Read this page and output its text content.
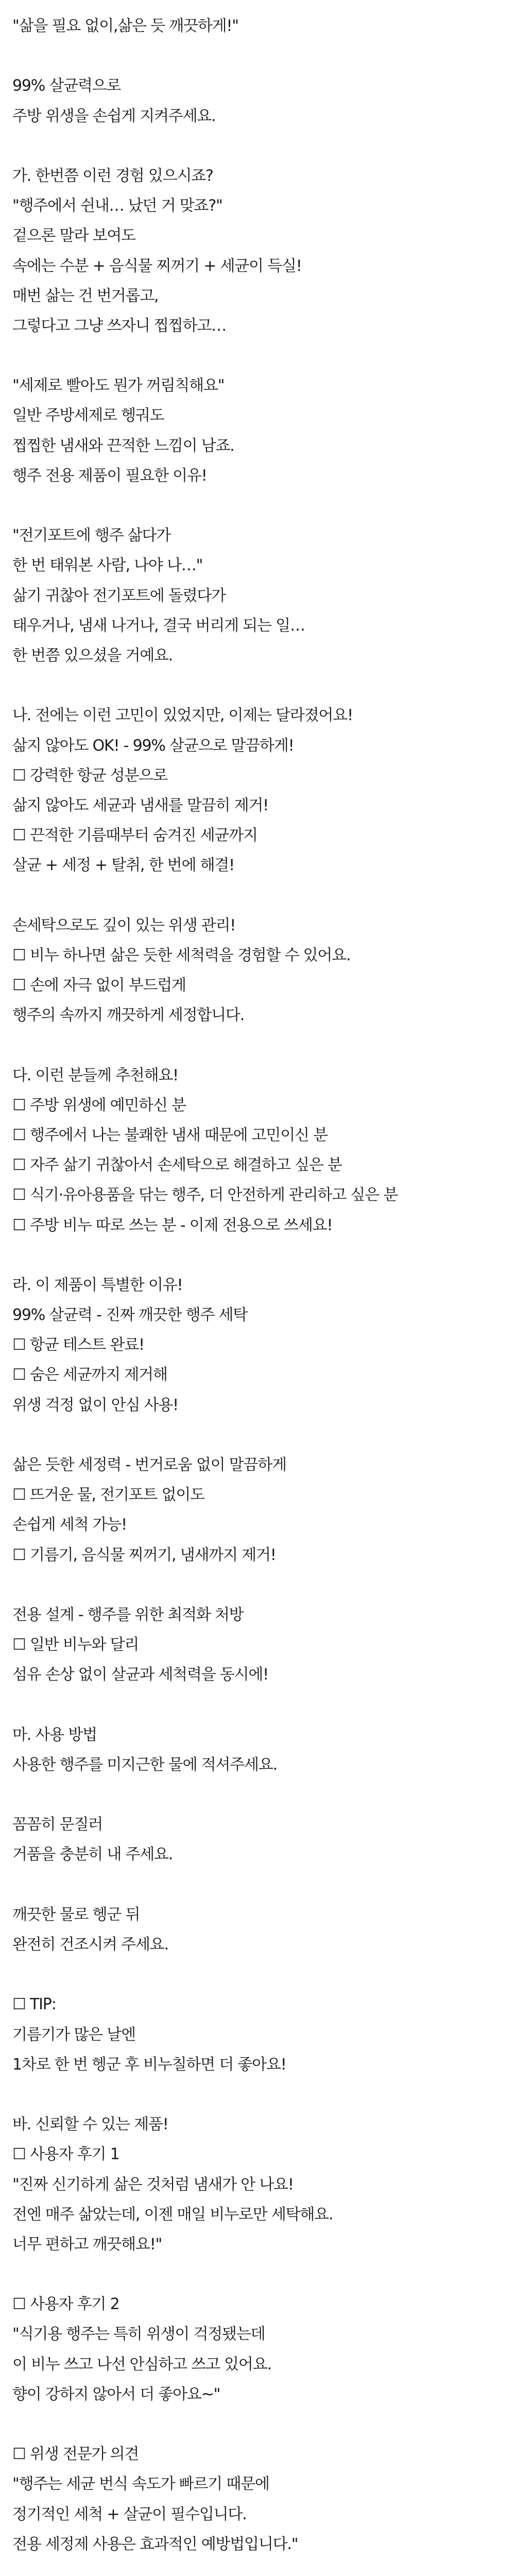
"삶을 필요 없이,삶은 듯 깨끗하게!"
99% 살균력으로
주방 위생을 손쉽게 지켜주세요.
가. 한번쯤 이런 경험 있으시죠?
"행주에서 쉰내… 났던 거 맞죠?"
겉으론 말라 보여도
속에는 수분 + 음식물 찌꺼기 + 세균이 득실!
매번 삶는 건 번거롭고,
그렇다고 그냥 쓰자니 찝찝하고…
"세제로 빨아도 뭔가 꺼림칙해요"
일반 주방세제로 헹궈도
찝찝한 냄새와 끈적한 느낌이 남죠.
행주 전용 제품이 필요한 이유!
"전기포트에 행주 삶다가
한 번 태워본 사람, 나야 나…"
삶기 귀찮아 전기포트에 돌렸다가
태우거나, 냄새 나거나, 결국 버리게 되는 일…
한 번쯤 있으셨을 거예요.
나. 전에는 이런 고민이 있었지만, 이제는 달라졌어요!
삶지 않아도 OK! - 99% 살균으로 말끔하게!
☐ 강력한 항균 성분으로
삶지 않아도 세균과 냄새를 말끔히 제거!
☐ 끈적한 기름때부터 숨겨진 세균까지
살균 + 세정 + 탈취, 한 번에 해결!
손세탁으로도 깊이 있는 위생 관리!
☐ 비누 하나면 삶은 듯한 세척력을 경험할 수 있어요.
☐ 손에 자극 없이 부드럽게
행주의 속까지 깨끗하게 세정합니다.
다. 이런 분들께 추천해요!
☐ 주방 위생에 예민하신 분
☐ 행주에서 나는 불쾌한 냄새 때문에 고민이신 분
☐ 자주 삶기 귀찮아서 손세탁으로 해결하고 싶은 분
☐ 식기·유아용품을 닦는 행주, 더 안전하게 관리하고 싶은 분
☐ 주방 비누 따로 쓰는 분 - 이제 전용으로 쓰세요!
라. 이 제품이 특별한 이유!
99% 살균력 - 진짜 깨끗한 행주 세탁
☐ 항균 테스트 완료!
☐ 숨은 세균까지 제거해
위생 걱정 없이 안심 사용!
삶은 듯한 세정력 - 번거로움 없이 말끔하게
☐ 뜨거운 물, 전기포트 없이도
손쉽게 세척 가능!
☐ 기름기, 음식물 찌꺼기, 냄새까지 제거!
전용 설계 - 행주를 위한 최적화 처방
☐ 일반 비누와 달리
섬유 손상 없이 살균과 세척력을 동시에!
마. 사용 방법
사용한 행주를 미지근한 물에 적셔주세요.
꼼꼼히 문질러
거품을 충분히 내 주세요.
깨끗한 물로 헹군 뒤
완전히 건조시켜 주세요.
☐ TIP:
기름기가 많은 날엔
1차로 한 번 헹군 후 비누칠하면 더 좋아요!
바. 신뢰할 수 있는 제품!
☐ 사용자 후기 1
"진짜 신기하게 삶은 것처럼 냄새가 안 나요!
전엔 매주 삶았는데, 이젠 매일 비누로만 세탁해요.
너무 편하고 깨끗해요!"
☐ 사용자 후기 2
"식기용 행주는 특히 위생이 걱정됐는데
이 비누 쓰고 나선 안심하고 쓰고 있어요.
향이 강하지 않아서 더 좋아요~"
☐ 위생 전문가 의견
"행주는 세균 번식 속도가 빠르기 때문에
정기적인 세척 + 살균이 필수입니다.
전용 세정제 사용은 효과적인 예방법입니다."
